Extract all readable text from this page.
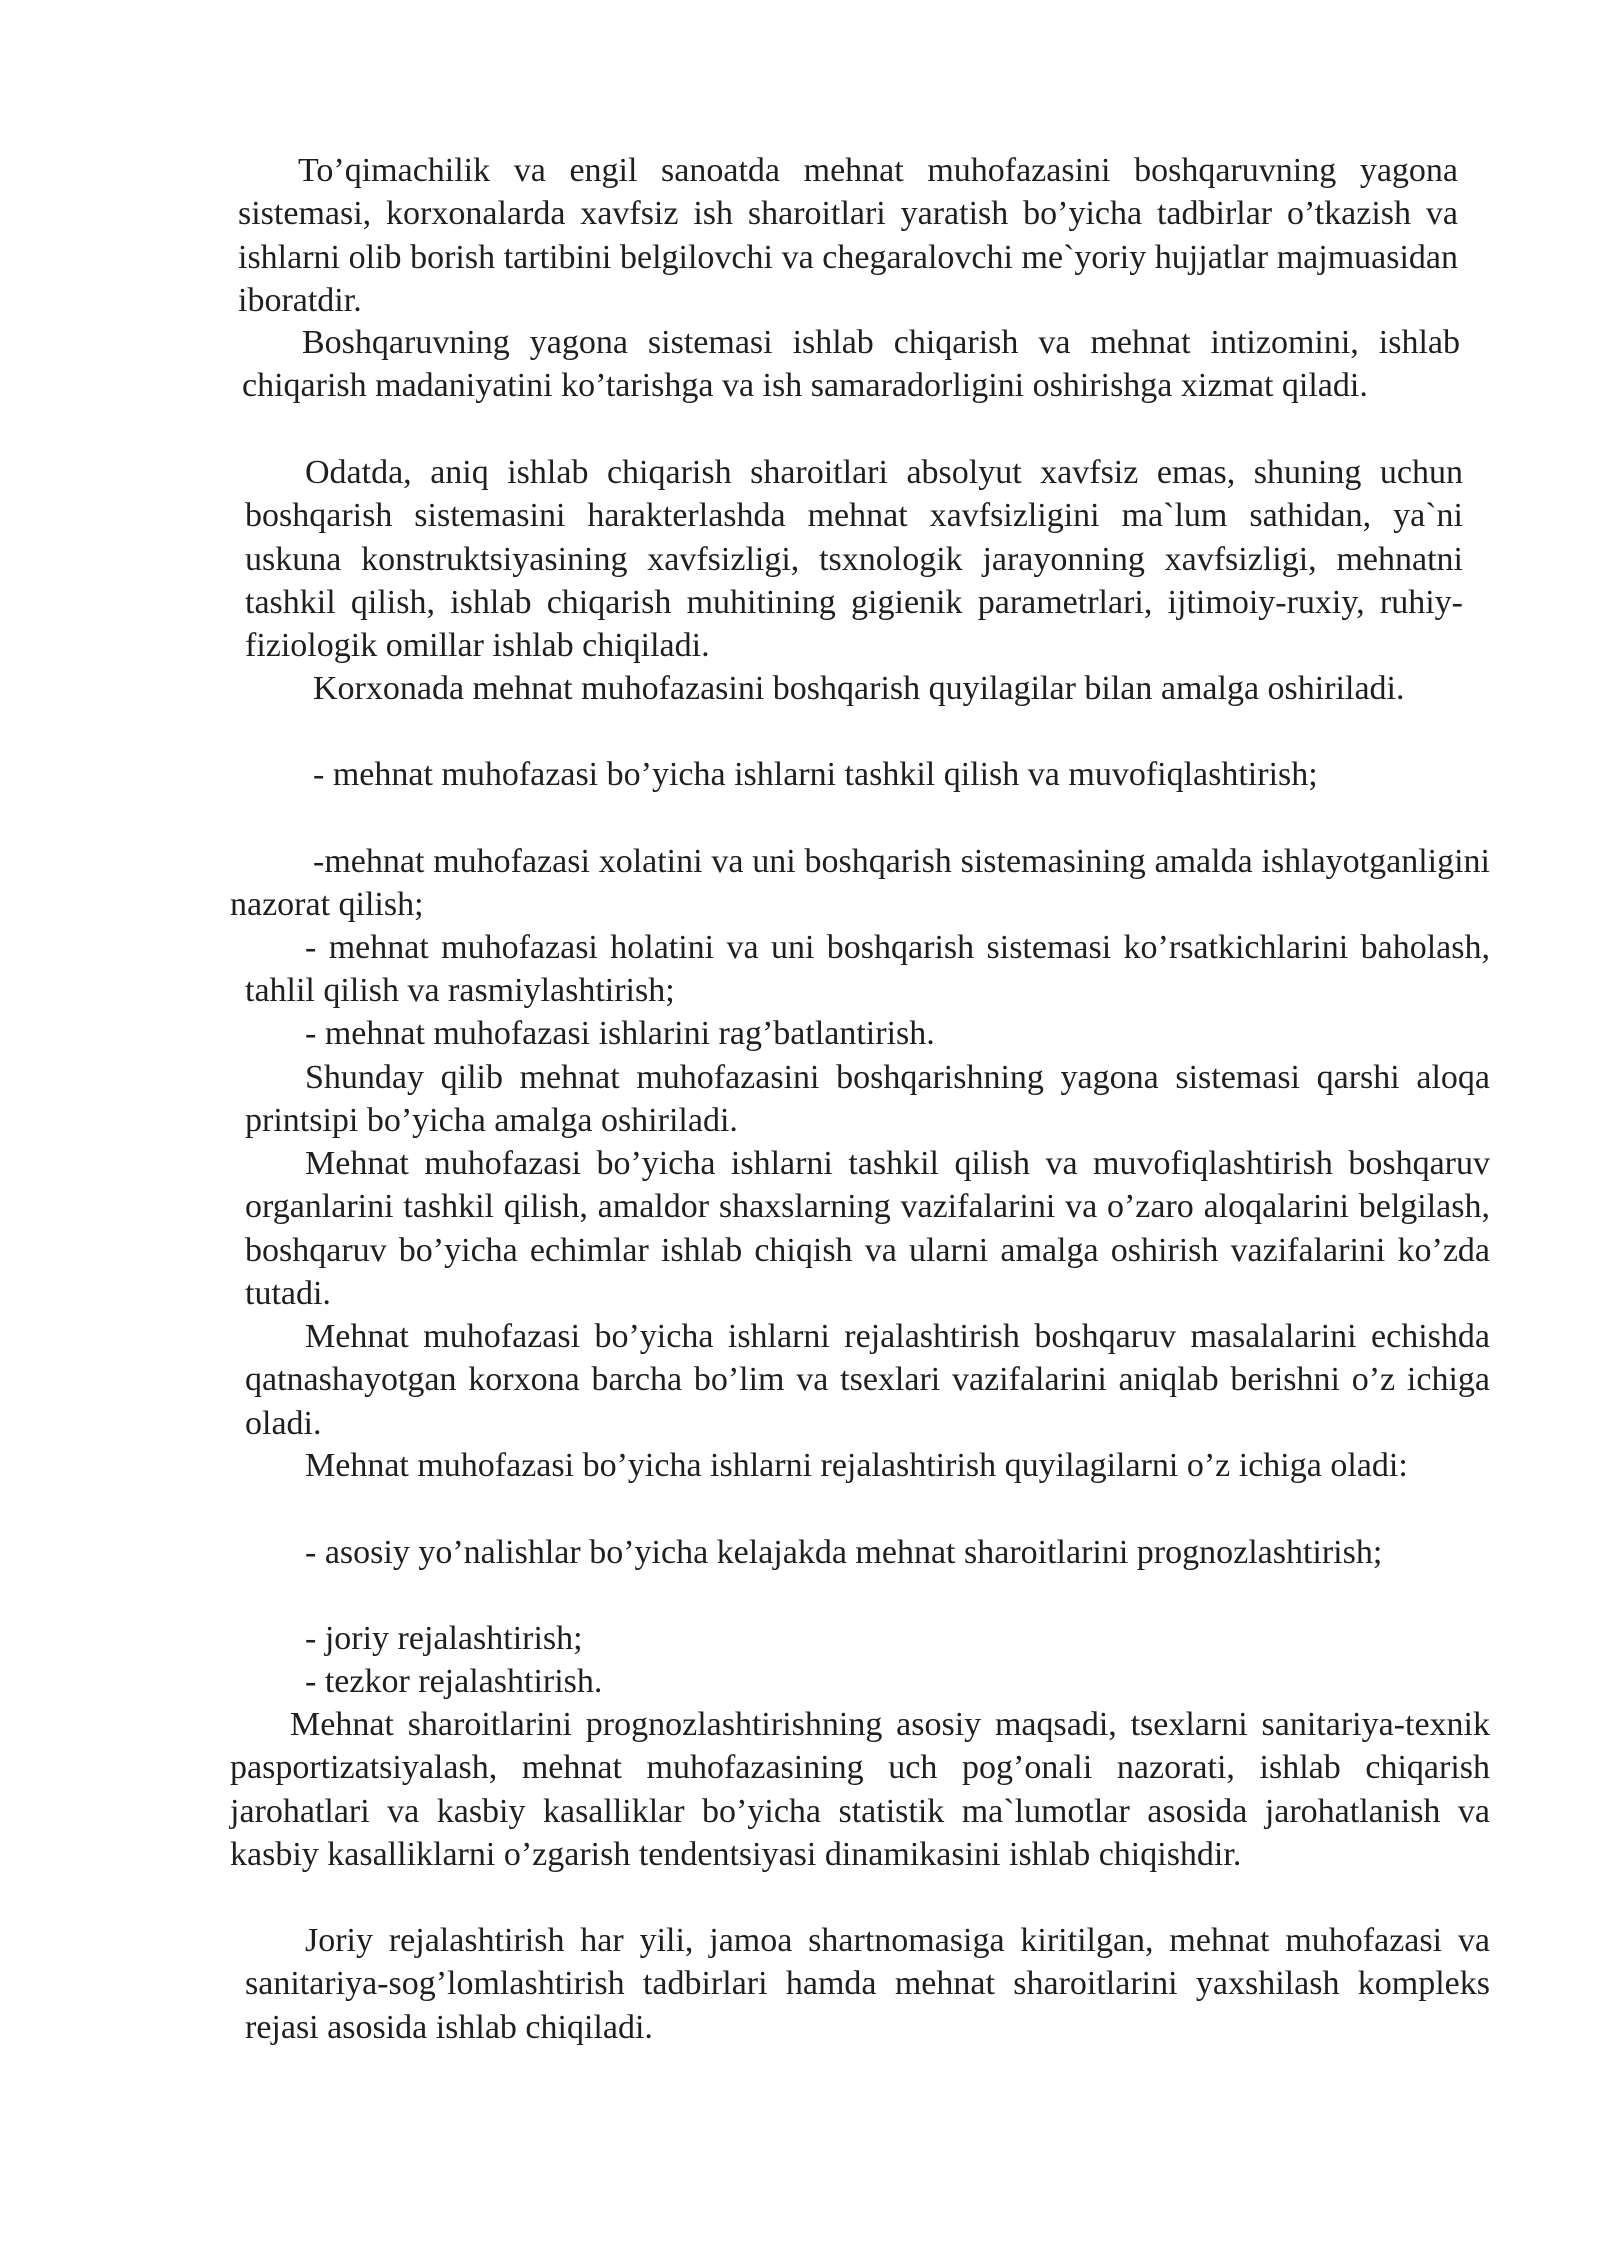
To’qimachilik va engil sanoatda mehnat muhofazasini boshqaruvning yagona sistemasi, korxonalarda xavfsiz ish sharoitlari yaratish bo’yicha tadbirlar o’tkazish va ishlarni olib borish tartibini belgilovchi va chegaralovchi me`yoriy hujjatlar majmuasidan iboratdir.

Boshqaruvning yagona sistemasi ishlab chiqarish va mehnat intizomini, ishlab chiqarish madaniyatini ko’tarishga va ish samaradorligini oshirishga xizmat qiladi.

Odatda, aniq ishlab chiqarish sharoitlari absolyut xavfsiz emas, shuning uchun boshqarish sistemasini harakterlashda mehnat xavfsizligini ma`lum sathidan, ya`ni uskuna konstruktsiyasining xavfsizligi, tsxnologik jarayonning xavfsizligi, mehnatni tashkil qilish, ishlab chiqarish muhitining gigienik parametrlari, ijtimoiy-ruxiy, ruhiy-fiziologik omillar ishlab chiqiladi.

Korxonada mehnat muhofazasini boshqarish quyilagilar bilan amalga oshiriladi.

- mehnat muhofazasi bo’yicha ishlarni tashkil qilish va muvofiqlashtirish;

-mehnat muhofazasi xolatini va uni boshqarish sistemasining amalda ishlayotganligini nazorat qilish;

- mehnat muhofazasi holatini va uni boshqarish sistemasi ko’rsatkichlarini baholash, tahlil qilish va rasmiylashtirish;

- mehnat muhofazasi ishlarini rag’batlantirish.

Shunday qilib mehnat muhofazasini boshqarishning yagona sistemasi qarshi aloqa printsipi bo’yicha amalga oshiriladi.

Mehnat muhofazasi bo’yicha ishlarni tashkil qilish va muvofiqlashtirish boshqaruv organlarini tashkil qilish, amaldor shaxslarning vazifalarini va o’zaro aloqalarini belgilash, boshqaruv bo’yicha echimlar ishlab chiqish va ularni amalga oshirish vazifalarini ko’zda tutadi.

Mehnat muhofazasi bo’yicha ishlarni rejalashtirish boshqaruv masalalarini echishda qatnashayotgan korxona barcha bo’lim va tsexlari vazifalarini aniqlab berishni o’z ichiga oladi.

Mehnat muhofazasi bo’yicha ishlarni rejalashtirish quyilagilarni o’z ichiga oladi:

- asosiy yo’nalishlar bo’yicha kelajakda mehnat sharoitlarini prognozlashtirish;

- joriy rejalashtirish;

- tezkor rejalashtirish.

Mehnat sharoitlarini prognozlashtirishning asosiy maqsadi, tsexlarni sanitariya-texnik pasportizatsiyalash, mehnat muhofazasining uch pog’onali nazorati, ishlab chiqarish jarohatlari va kasbiy kasalliklar bo’yicha statistik ma`lumotlar asosida jarohatlanish va kasbiy kasalliklarni o’zgarish tendentsiyasi dinamikasini ishlab chiqishdir.

Joriy rejalashtirish har yili, jamoa shartnomasiga kiritilgan, mehnat muhofazasi va sanitariya-sog’lomlashtirish tadbirlari hamda mehnat sharoitlarini yaxshilash kompleks rejasi asosida ishlab chiqiladi.
